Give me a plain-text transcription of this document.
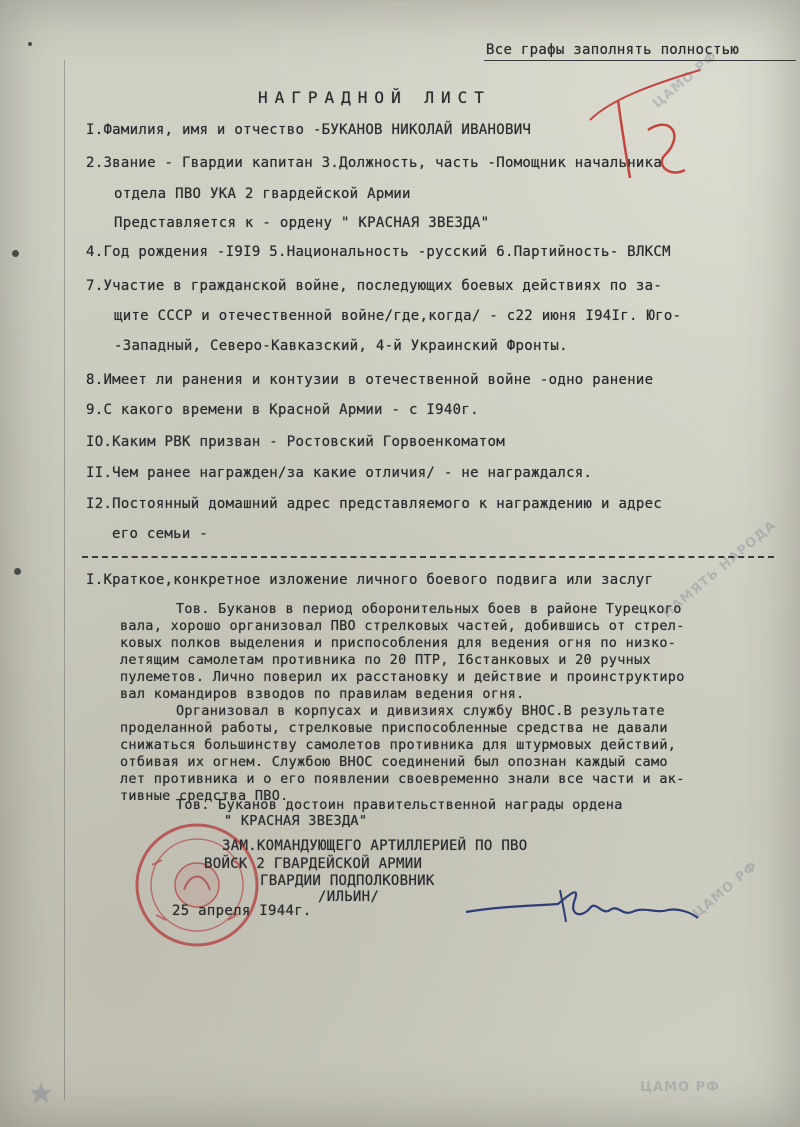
ЦАМО РФ
ПАМЯТЬ НАРОДА
ЦАМО РФ
ЦАМО РФ
Все графы заполнять полностью
НАГРАДНОЙ ЛИСТ
I.Фамилия, имя и отчество -БУКАНОВ НИКОЛАЙ ИВАНОВИЧ
2.Звание - Гвардии капитан 3.Должность, часть -Помощник начальника
отдела ПВО УКА 2 гвардейской Армии
Представляется к - ордену " КРАСНАЯ ЗВЕЗДА"
4.Год рождения -I9I9 5.Национальность -русский 6.Партийность- ВЛКСМ
7.Участие в гражданской войне, последующих боевых действиях по за-
щите СССР и отечественной войне/где,когда/ - с22 июня I94Iг. Юго-
-Западный, Северо-Кавказский, 4-й Украинский Фронты.
8.Имеет ли ранения и контузии в отечественной войне -одно ранение
9.С какого времени в Красной Армии - с I940г.
IO.Каким РВК призван - Ростовский Горвоенкоматом
II.Чем ранее награжден/за какие отличия/ - не награждался.
I2.Постоянный домашний адрес представляемого к награждению и адрес
его семьи -
I.Краткое,конкретное изложение личного боевого подвига или заслуг
Тов. Буканов в период оборонительных боев в районе Турецкого
вала, хорошо организовал ПВО стрелковых частей, добившись от стрел-
ковых полков выделения и приспособления для ведения огня по низко-
летящим самолетам противника по 20 ПТР, I6станковых и 20 ручных
пулеметов. Лично поверил их расстановку и действие и проинструктиро
вал командиров взводов по правилам ведения огня.
Организовал в корпусах и дивизиях службу ВНОС.В результате
проделанной работы, стрелковые приспособленные средства не давали
снижаться большинству самолетов противника для штурмовых действий,
отбивая их огнем. Службою ВНОС соединений был опознан каждый само
лет противника и о его появлении своевременно знали все части и ак-
тивные средства ПВО.
Тов. Буканов достоин правительственной награды ордена
" КРАСНАЯ ЗВЕЗДА"
ЗАМ.КОМАНДУЮЩЕГО АРТИЛЛЕРИЕЙ ПО ПВО
ВОЙСК 2 ГВАРДЕЙСКОЙ АРМИИ
ГВАРДИИ ПОДПОЛКОВНИК
/ИЛЬИН/
25 апреля I944г.
